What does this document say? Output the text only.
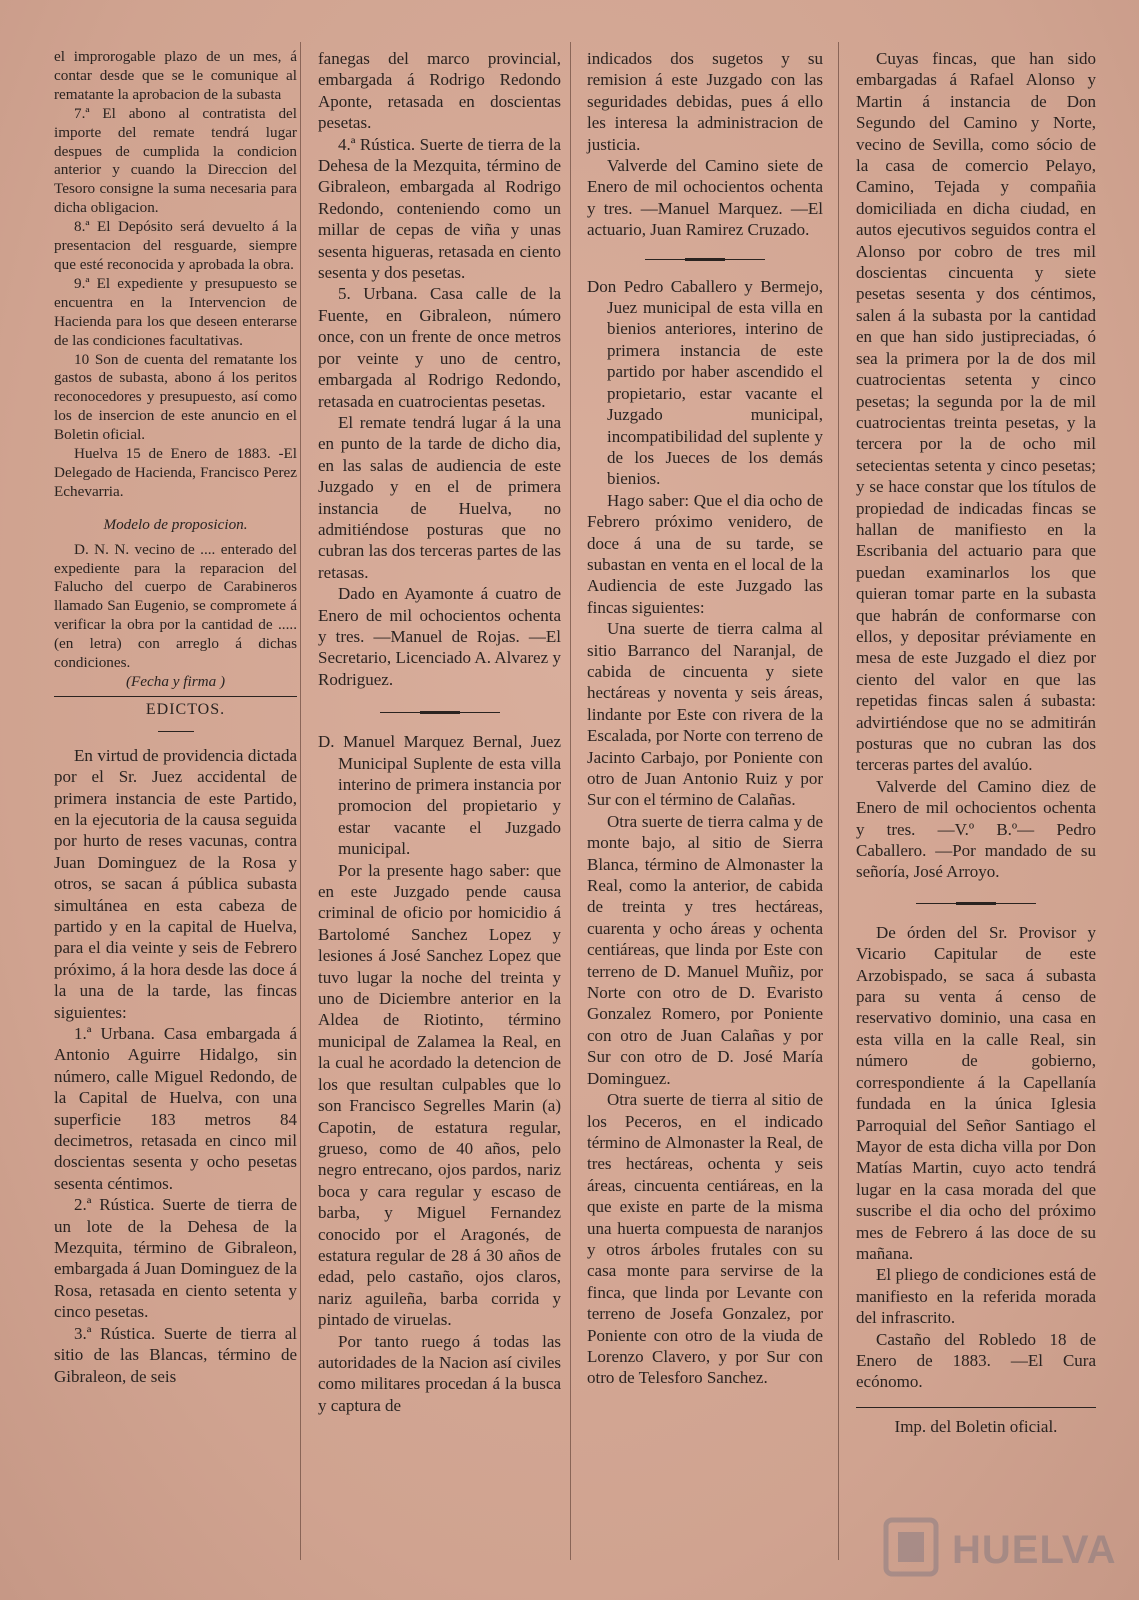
el improrogable plazo de un mes, á contar desde que se le comunique al rematante la aprobacion de la subasta

7.ª El abono al contratista del importe del remate tendrá lugar despues de cumplida la condicion anterior y cuando la Direccion del Tesoro consigne la suma necesaria para dicha obligacion.

8.ª El Depósito será devuelto á la presentacion del resguarde, siempre que esté reconocida y aprobada la obra.

9.ª El expediente y presupuesto se encuentra en la Intervencion de Hacienda para los que deseen enterarse de las condiciones facultativas.

10 Son de cuenta del rematante los gastos de subasta, abono á los peritos reconocedores y presupuesto, así como los de insercion de este anuncio en el Boletin oficial.

Huelva 15 de Enero de 1883. -El Delegado de Hacienda, Francisco Perez Echevarria.

Modelo de proposicion.

D. N. N. vecino de .... enterado del expediente para la reparacion del Falucho del cuerpo de Carabineros llamado San Eugenio, se compromete á verificar la obra por la cantidad de ..... (en letra) con arreglo á dichas condiciones.

(Fecha y firma )

EDICTOS.

En virtud de providencia dictada por el Sr. Juez accidental de primera instancia de este Partido, en la ejecutoria de la causa seguida por hurto de reses vacunas, contra Juan Dominguez de la Rosa y otros, se sacan á pública subasta simultánea en esta cabeza de partido y en la capital de Huelva, para el dia veinte y seis de Febrero próximo, á la hora desde las doce á la una de la tarde, las fincas siguientes:

1.ª Urbana. Casa embargada á Antonio Aguirre Hidalgo, sin número, calle Miguel Redondo, de la Capital de Huelva, con una superficie 183 metros 84 decimetros, retasada en cinco mil doscientas sesenta y ocho pesetas sesenta céntimos.

2.ª Rústica. Suerte de tierra de un lote de la Dehesa de la Mezquita, término de Gibraleon, embargada á Juan Dominguez de la Rosa, retasada en ciento setenta y cinco pesetas.

3.ª Rústica. Suerte de tierra al sitio de las Blancas, término de Gibraleon, de seis

fanegas del marco provincial, embargada á Rodrigo Redondo Aponte, retasada en doscientas pesetas.

4.ª Rústica. Suerte de tierra de la Dehesa de la Mezquita, término de Gibraleon, embargada al Rodrigo Redondo, conteniendo como un millar de cepas de viña y unas sesenta higueras, retasada en ciento sesenta y dos pesetas.

5. Urbana. Casa calle de la Fuente, en Gibraleon, número once, con un frente de once metros por veinte y uno de centro, embargada al Rodrigo Redondo, retasada en cuatrocientas pesetas.

El remate tendrá lugar á la una en punto de la tarde de dicho dia, en las salas de audiencia de este Juzgado y en el de primera instancia de Huelva, no admitiéndose posturas que no cubran las dos terceras partes de las retasas.

Dado en Ayamonte á cuatro de Enero de mil ochocientos ochenta y tres. —Manuel de Rojas. —El Secretario, Licenciado A. Alvarez y Rodriguez.

D. Manuel Marquez Bernal, Juez Municipal Suplente de esta villa interino de primera instancia por promocion del propietario y estar vacante el Juzgado municipal.

Por la presente hago saber: que en este Juzgado pende causa criminal de oficio por homicidio á Bartolomé Sanchez Lopez y lesiones á José Sanchez Lopez que tuvo lugar la noche del treinta y uno de Diciembre anterior en la Aldea de Riotinto, término municipal de Zalamea la Real, en la cual he acordado la detencion de los que resultan culpables que lo son Francisco Segrelles Marin (a) Capotin, de estatura regular, grueso, como de 40 años, pelo negro entrecano, ojos pardos, nariz boca y cara regular y escaso de barba, y Miguel Fernandez conocido por el Aragonés, de estatura regular de 28 á 30 años de edad, pelo castaño, ojos claros, nariz aguileña, barba corrida y pintado de viruelas.

Por tanto ruego á todas las autoridades de la Nacion así civiles como militares procedan á la busca y captura de

indicados dos sugetos y su remision á este Juzgado con las seguridades debidas, pues á ello les interesa la administracion de justicia.

Valverde del Camino siete de Enero de mil ochocientos ochenta y tres. —Manuel Marquez. —El actuario, Juan Ramirez Cruzado.

Don Pedro Caballero y Bermejo, Juez municipal de esta villa en bienios anteriores, interino de primera instancia de este partido por haber ascendido el propietario, estar vacante el Juzgado municipal, incompatibilidad del suplente y de los Jueces de los demás bienios.

Hago saber: Que el dia ocho de Febrero próximo venidero, de doce á una de su tarde, se subastan en venta en el local de la Audiencia de este Juzgado las fincas siguientes:

Una suerte de tierra calma al sitio Barranco del Naranjal, de cabida de cincuenta y siete hectáreas y noventa y seis áreas, lindante por Este con rivera de la Escalada, por Norte con terreno de Jacinto Carbajo, por Poniente con otro de Juan Antonio Ruiz y por Sur con el término de Calañas.

Otra suerte de tierra calma y de monte bajo, al sitio de Sierra Blanca, término de Almonaster la Real, como la anterior, de cabida de treinta y tres hectáreas, cuarenta y ocho áreas y ochenta centiáreas, que linda por Este con terreno de D. Manuel Muñiz, por Norte con otro de D. Evaristo Gonzalez Romero, por Poniente con otro de Juan Calañas y por Sur con otro de D. José María Dominguez.

Otra suerte de tierra al sitio de los Peceros, en el indicado término de Almonaster la Real, de tres hectáreas, ochenta y seis áreas, cincuenta centiáreas, en la que existe en parte de la misma una huerta compuesta de naranjos y otros árboles frutales con su casa monte para servirse de la finca, que linda por Levante con terreno de Josefa Gonzalez, por Poniente con otro de la viuda de Lorenzo Clavero, y por Sur con otro de Telesforo Sanchez.

Cuyas fincas, que han sido embargadas á Rafael Alonso y Martin á instancia de Don Segundo del Camino y Norte, vecino de Sevilla, como sócio de la casa de comercio Pelayo, Camino, Tejada y compañia domiciliada en dicha ciudad, en autos ejecutivos seguidos contra el Alonso por cobro de tres mil doscientas cincuenta y siete pesetas sesenta y dos céntimos, salen á la subasta por la cantidad en que han sido justipreciadas, ó sea la primera por la de dos mil cuatrocientas setenta y cinco pesetas; la segunda por la de mil cuatrocientas treinta pesetas, y la tercera por la de ocho mil setecientas setenta y cinco pesetas; y se hace constar que los títulos de propiedad de indicadas fincas se hallan de manifiesto en la Escribania del actuario para que puedan examinarlos los que quieran tomar parte en la subasta que habrán de conformarse con ellos, y depositar préviamente en mesa de este Juzgado el diez por ciento del valor en que las repetidas fincas salen á subasta: advirtiéndose que no se admitirán posturas que no cubran las dos terceras partes del avalúo.

Valverde del Camino diez de Enero de mil ochocientos ochenta y tres. —V.º B.º— Pedro Caballero. —Por mandado de su señoría, José Arroyo.

De órden del Sr. Provisor y Vicario Capitular de este Arzobispado, se saca á subasta para su venta á censo de reservativo dominio, una casa en esta villa en la calle Real, sin número de gobierno, correspondiente á la Capellanía fundada en la única Iglesia Parroquial del Señor Santiago el Mayor de esta dicha villa por Don Matías Martin, cuyo acto tendrá lugar en la casa morada del que suscribe el dia ocho del próximo mes de Febrero á las doce de su mañana.

El pliego de condiciones está de manifiesto en la referida morada del infrascrito.

Castaño del Robledo 18 de Enero de 1883. —El Cura ecónomo.

Imp. del Boletin oficial.

HUELVA
